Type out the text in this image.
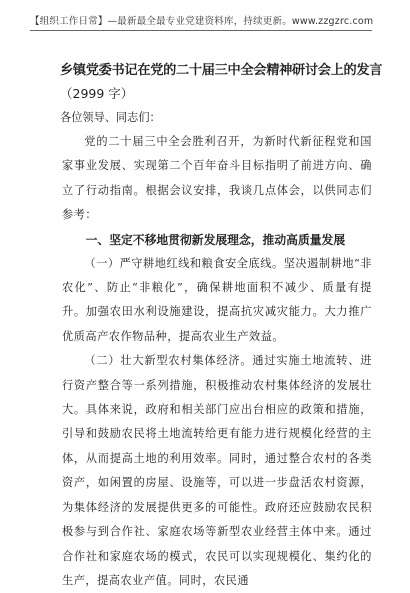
【组织工作日常】—最新最全最专业党建资料库，持续更新。www.zzgzrc.com
乡镇党委书记在党的二十届三中全会精神研讨会上的发言
（2999 字）
各位领导、同志们：

党的二十届三中全会胜利召开，为新时代新征程党和国家事业发展、实现第二个百年奋斗目标指明了前进方向、确立了行动指南。根据会议安排，我谈几点体会，以供同志们参考：

一、坚定不移地贯彻新发展理念，推动高质量发展

（一）严守耕地红线和粮食安全底线。坚决遏制耕地“非农化”、防止“非粮化”，确保耕地面积不减少、质量有提升。加强农田水利设施建设，提高抗灾减灾能力。大力推广优质高产农作物品种，提高农业生产效益。

（二）壮大新型农村集体经济。通过实施土地流转、进行资产整合等一系列措施，积极推动农村集体经济的发展壮大。具体来说，政府和相关部门应出台相应的政策和措施，引导和鼓励农民将土地流转给更有能力进行规模化经营的主体，从而提高土地的利用效率。同时，通过整合农村的各类资产，如闲置的房屋、设施等，可以进一步盘活农村资源，为集体经济的发展提供更多的可能性。政府还应鼓励农民积极参与到合作社、家庭农场等新型农业经营主体中来。通过合作社和家庭农场的模式，农民可以实现规模化、集约化的生产，提高农业产值。同时，农民通
